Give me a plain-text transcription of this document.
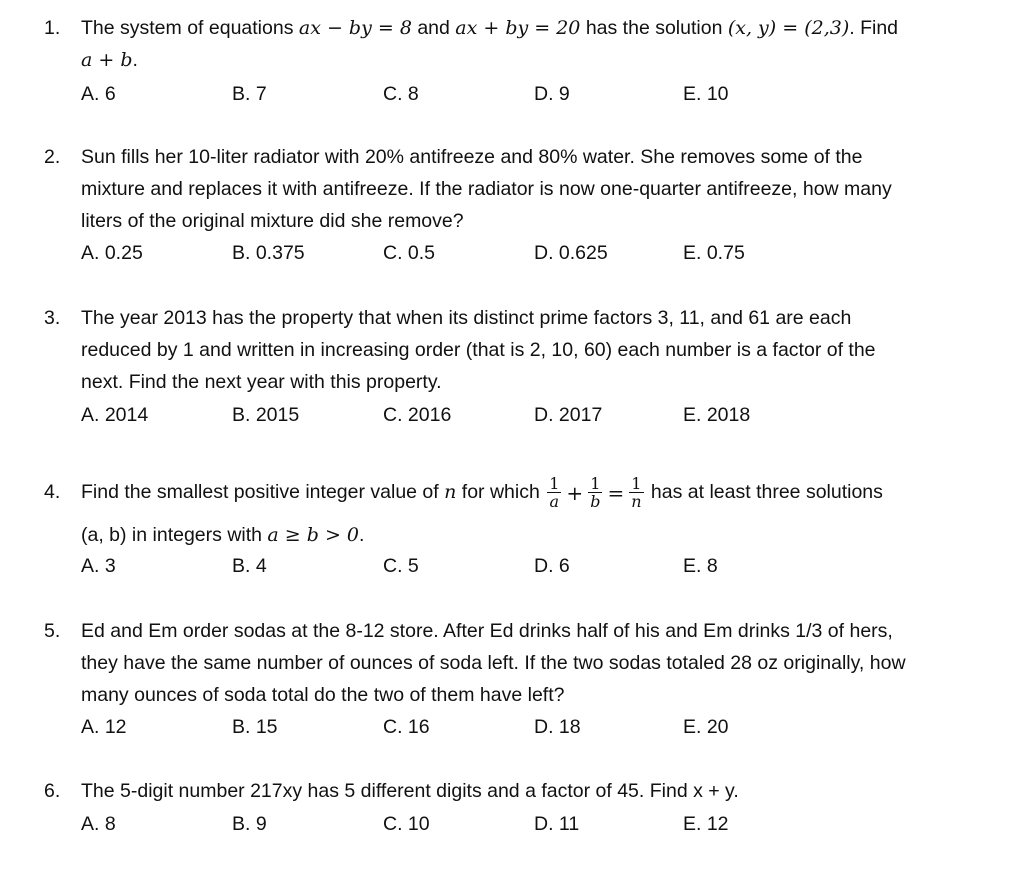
1. The system of equations ax − by = 8 and ax + by = 20 has the solution (x, y) = (2,3). Find
a + b.
A. 6	B. 7	C. 8	D. 9	E. 10
2. Sun fills her 10-liter radiator with 20% antifreeze and 80% water. She removes some of the
mixture and replaces it with antifreeze. If the radiator is now one-quarter antifreeze, how many
liters of the original mixture did she remove?
A. 0.25	B. 0.375	C. 0.5	D. 0.625	E. 0.75
3. The year 2013 has the property that when its distinct prime factors 3, 11, and 61 are each
reduced by 1 and written in increasing order (that is 2, 10, 60) each number is a factor of the
next. Find the next year with this property.
A. 2014	B. 2015	C. 2016	D. 2017	E. 2018
4. Find the smallest positive integer value of n for which $\frac{1}{a} + \frac{1}{b} = \frac{1}{n}$ has at least three solutions
(a, b) in integers with a ≥ b > 0.
A. 3	B. 4	C. 5	D. 6	E. 8
5. Ed and Em order sodas at the 8-12 store. After Ed drinks half of his and Em drinks 1/3 of hers,
they have the same number of ounces of soda left. If the two sodas totaled 28 oz originally, how
many ounces of soda total do the two of them have left?
A. 12	B. 15	C. 16	D. 18	E. 20
6. The 5-digit number 217xy has 5 different digits and a factor of 45. Find x + y.
A. 8	B. 9	C. 10	D. 11	E. 12
